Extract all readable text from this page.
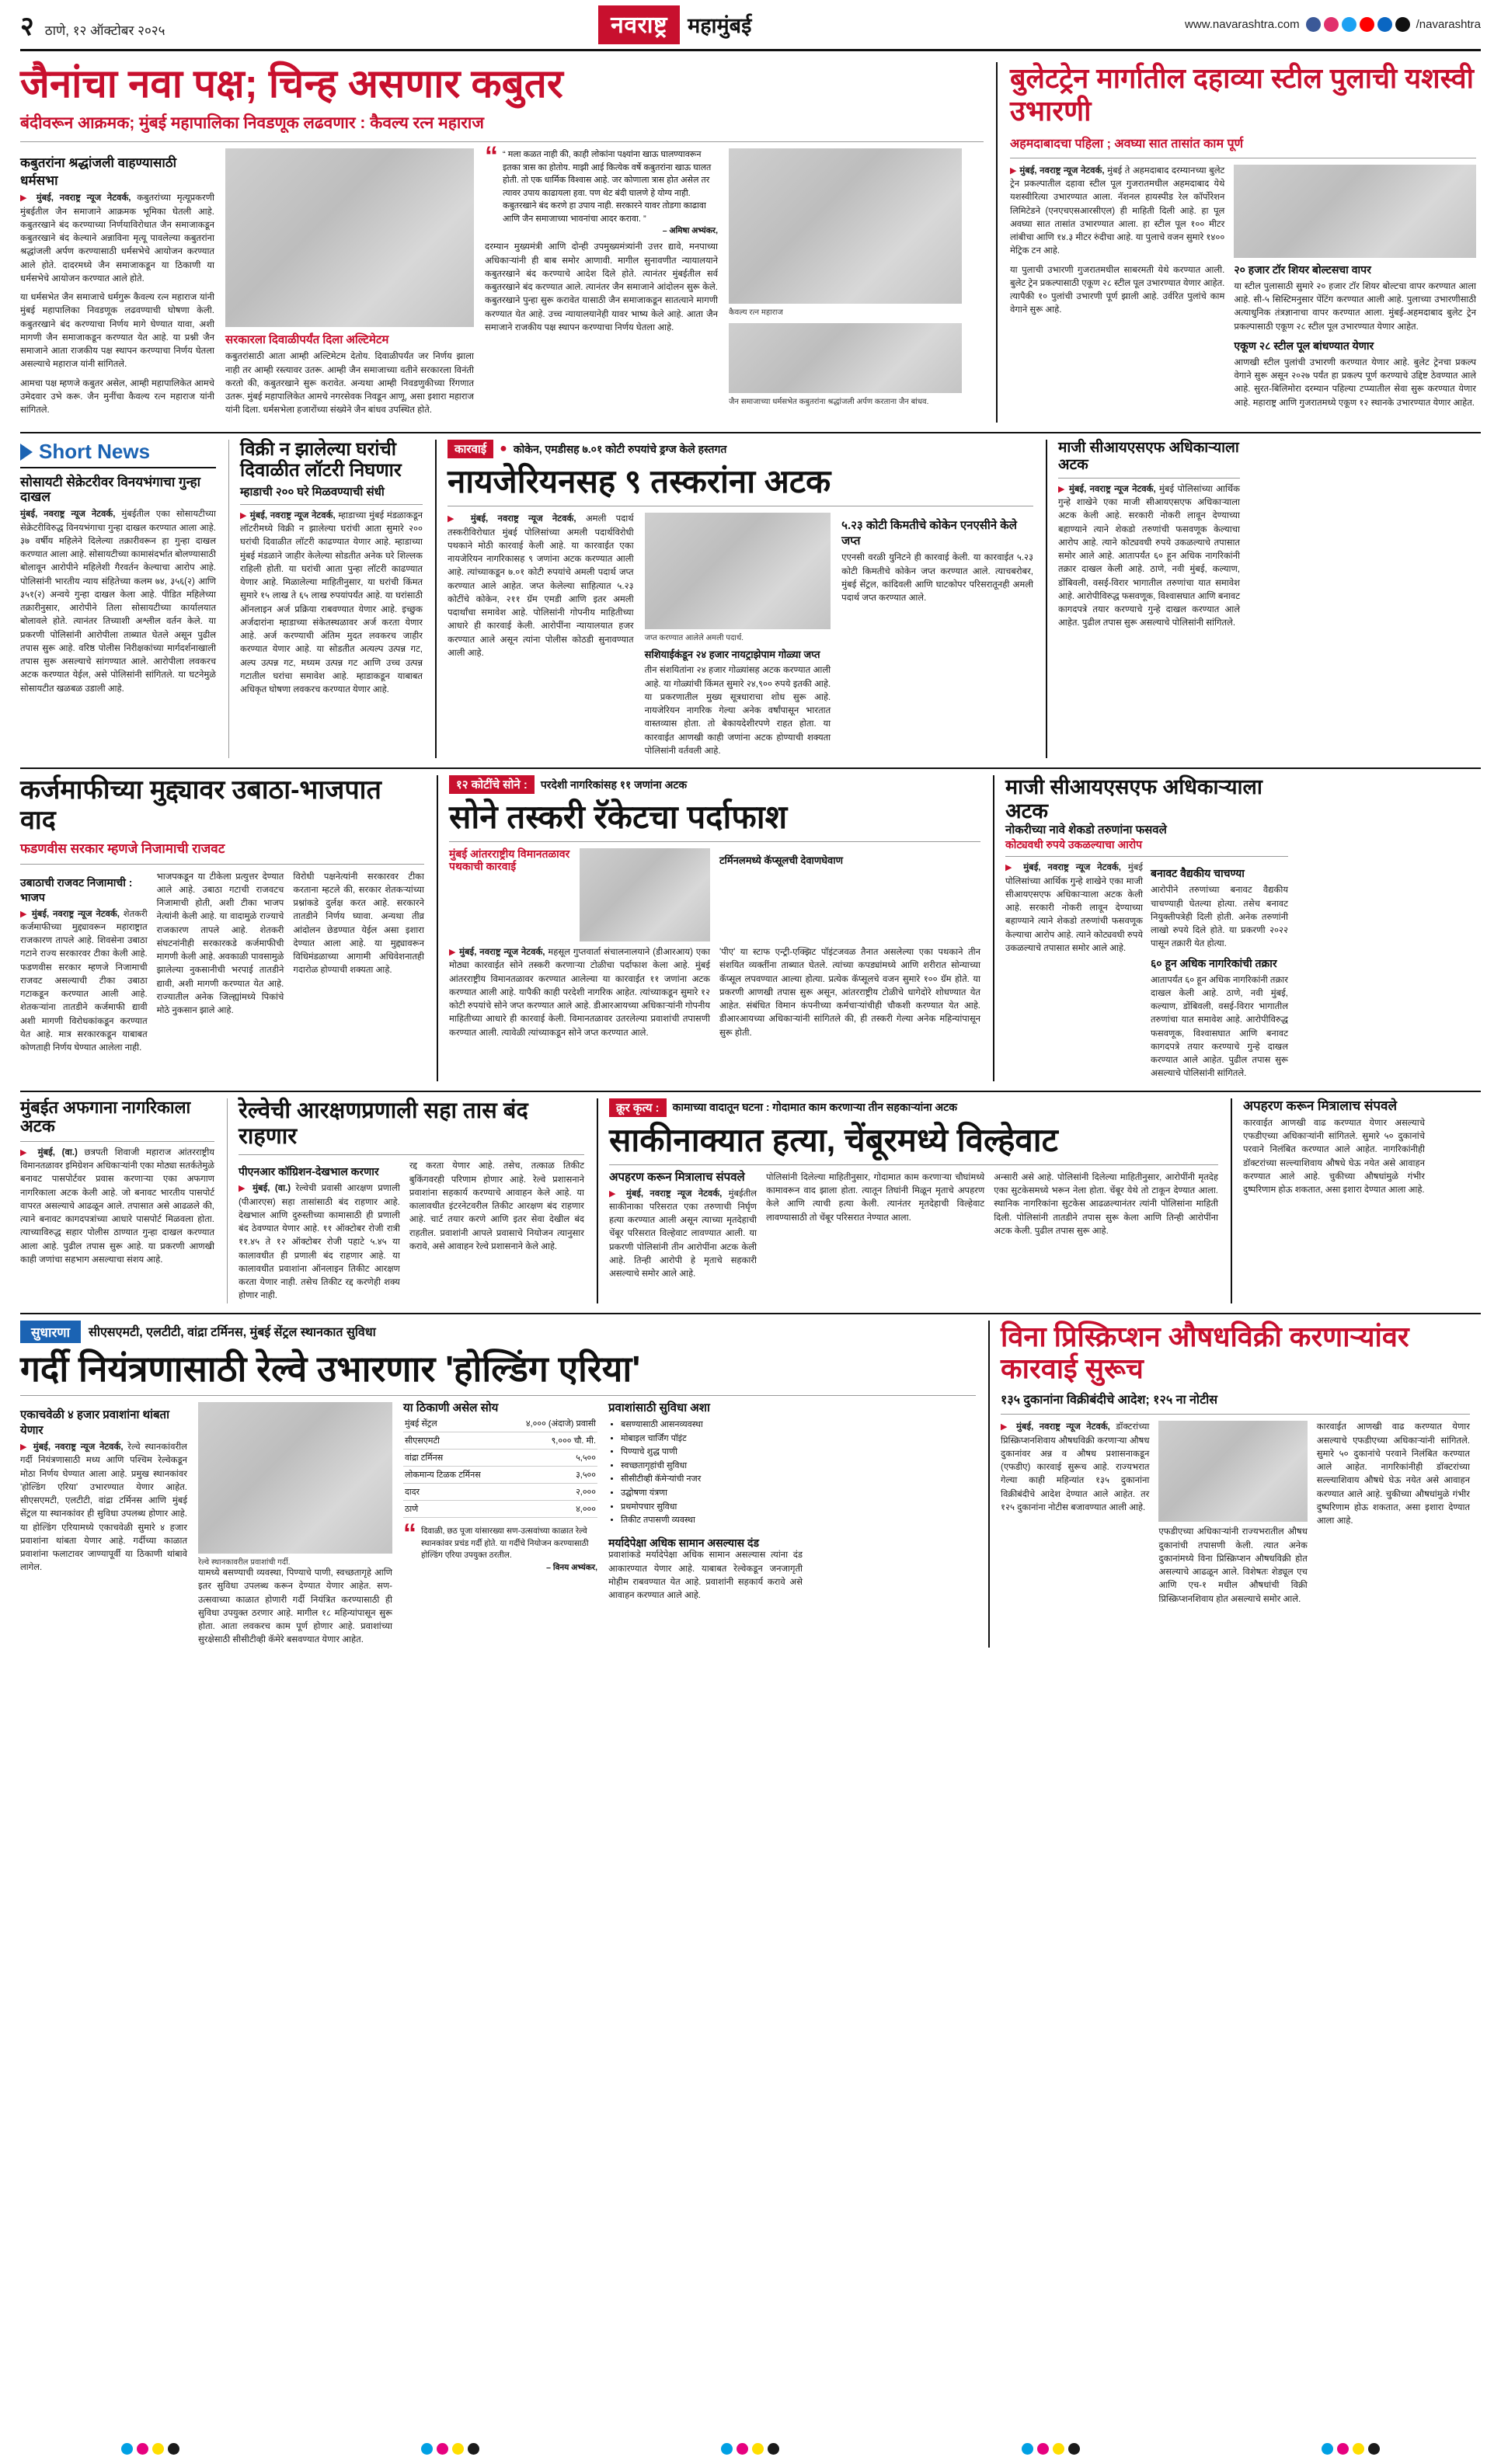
२ ठाणे, १२ ऑक्टोबर २०२५	नवराष्ट्र महामुंबई	www.navarashtra.com	/navarashtra
जैनांचा नवा पक्ष; चिन्ह असणार कबुतर
बंदीवरून आक्रमक; मुंबई महापालिका निवडणूक लढवणार : कैवल्य रत्न महाराज
कबुतरांना श्रद्धांजली वाहण्यासाठी धर्मसभा

▶ मुंबई, नवराष्ट्र न्यूज नेटवर्क, कबुतरांच्या मृत्यूप्रकरणी मुंबईतील जैन समाजाने आक्रमक भूमिका घेतली आहे. कबुतरखाने बंद करण्याच्या निर्णयाविरोधात जैन समाजाकडून कबुतरखाने बंद केल्याने अन्नाविना मृत्यू पावलेल्या कबुतरांना श्रद्धांजली अर्पण करण्यासाठी धर्मसभेचे आयोजन करण्यात आले होते. दादरमध्ये जैन समाजाकडून या ठिकाणी या धर्मसभेचे आयोजन करण्यात आले होते.

या धर्मसभेत जैन समाजाचे धर्मगुरू कैवल्य रत्न महाराज यांनी मुंबई महापालिका निवडणूक लढवण्याची घोषणा केली. कबुतरखाने बंद करण्याचा निर्णय मागे घेण्यात यावा, अशी मागणी जैन समाजाकडून करण्यात येत आहे. या प्रश्नी जैन समाजाने आता राजकीय पक्ष स्थापन करण्याचा निर्णय घेतला असल्याचे महाराज यांनी सांगितले.

आमचा पक्ष म्हणजे कबुतर असेल, आम्ही महापालिकेत आमचे उमेदवार उभे करू. जैन मुनींचा कैवल्य रत्न महाराज यांनी सांगितले.

सरकारला दिवाळीपर्यंत दिला अल्टिमेटम
कबुतरांसाठी आता आम्ही अल्टिमेटम देतोय. दिवाळीपर्यंत जर निर्णय झाला नाही तर आम्ही रस्त्यावर उतरू. आम्ही जैन समाजाच्या वतीने सरकारला विनंती करतो की, कबुतरखाने सुरू करावेत. अन्यथा आम्ही निवडणुकीच्या रिंगणात उतरू. मुंबई महापालिकेत आमचे नगरसेवक निवडून आणू, असा इशारा महाराज यांनी दिला. धर्मसभेला हजारोंच्या संख्येने जैन बांधव उपस्थित होते.
“ “ मला कळत नाही की, काही लोकांना पक्ष्यांना खाऊ घालण्यावरून इतका त्रास का होतोय. माझी आई कित्येक वर्षे कबुतरांना खाऊ घालत होती. तो एक धार्मिक विश्वास आहे. जर कोणाला त्रास होत असेल तर त्यावर उपाय काढायला हवा. पण थेट बंदी घालणे हे योग्य नाही. कबुतरखाने बंद करणे हा उपाय नाही. सरकारने यावर तोडगा काढावा आणि जैन समाजाच्या भावनांचा आदर करावा. ”
– अमिषा अभ्यंकर,
दरम्यान मुख्यमंत्री आणि दोन्ही उपमुख्यमंत्र्यांनी उत्तर द्यावे, मनपाच्या अधिकाऱ्यांनी ही बाब समोर आणावी. मागील सुनावणीत न्यायालयाने कबुतरखाने बंद करण्याचे आदेश दिले होते. त्यानंतर मुंबईतील सर्व कबुतरखाने बंद करण्यात आले. त्यानंतर जैन समाजाने आंदोलन सुरू केले. कबुतरखाने पुन्हा सुरू करावेत यासाठी जैन समाजाकडून सातत्याने मागणी करण्यात येत आहे. उच्च न्यायालयानेही यावर भाष्य केले आहे. आता जैन समाजाने राजकीय पक्ष स्थापन करण्याचा निर्णय घेतला आहे.
कैवल्य रत्न महाराज
जैन समाजाच्या धर्मसभेत कबुतरांना श्रद्धांजली अर्पण करताना जैन बांधव.
बुलेटट्रेन मार्गातील दहाव्या स्टील पुलाची यशस्वी उभारणी
अहमदाबादचा पहिला ; अवघ्या सात तासांत काम पूर्ण

▶ मुंबई, नवराष्ट्र न्यूज नेटवर्क, मुंबई ते अहमदाबाद दरम्यानच्या बुलेट ट्रेन प्रकल्पातील दहावा स्टील पूल गुजरातमधील अहमदाबाद येथे यशस्वीरित्या उभारण्यात आला. नॅशनल हायस्पीड रेल कॉर्पोरेशन लिमिटेडने (एनएचएसआरसीएल) ही माहिती दिली आहे. हा पूल अवघ्या सात तासांत उभारण्यात आला. हा स्टील पूल १०० मीटर लांबीचा आणि १४.३ मीटर रुंदीचा आहे. या पुलाचे वजन सुमारे १४०० मेट्रिक टन आहे.

या पुलाची उभारणी गुजरातमधील साबरमती येथे करण्यात आली. बुलेट ट्रेन प्रकल्पासाठी एकूण २८ स्टील पूल उभारण्यात येणार आहेत. त्यापैकी १० पुलांची उभारणी पूर्ण झाली आहे. उर्वरित पुलांचे काम वेगाने सुरू आहे.

२० हजार टॉर शियर बोल्टसचा वापर
या स्टील पुलासाठी सुमारे २० हजार टॉर शियर बोल्टचा वापर करण्यात आला आहे. सी-५ सिस्टिमनुसार पेंटिंग करण्यात आली आहे. पुलाच्या उभारणीसाठी अत्याधुनिक तंत्रज्ञानाचा वापर करण्यात आला. मुंबई-अहमदाबाद बुलेट ट्रेन प्रकल्पासाठी एकूण २८ स्टील पूल उभारण्यात येणार आहेत.
एकूण २८ स्टील पूल बांधण्यात येणार
आणखी स्टील पुलांची उभारणी करण्यात येणार आहे. बुलेट ट्रेनचा प्रकल्प वेगाने सुरू असून २०२७ पर्यंत हा प्रकल्प पूर्ण करण्याचे उद्दिष्ट ठेवण्यात आले आहे. सुरत-बिलिमोरा दरम्यान पहिल्या टप्प्यातील सेवा सुरू करण्यात येणार आहे. महाराष्ट्र आणि गुजरातमध्ये एकूण १२ स्थानके उभारण्यात येणार आहेत.
Short News
सोसायटी सेक्रेटरीवर विनयभंगाचा गुन्हा दाखल
मुंबई, नवराष्ट्र न्यूज नेटवर्क, मुंबईतील एका सोसायटीच्या सेक्रेटरीविरुद्ध विनयभंगाचा गुन्हा दाखल करण्यात आला आहे. ३७ वर्षीय महिलेने दिलेल्या तक्रारीवरून हा गुन्हा दाखल करण्यात आला आहे. सोसायटीच्या कामासंदर्भात बोलण्यासाठी बोलावून आरोपीने महिलेशी गैरवर्तन केल्याचा आरोप आहे. पोलिसांनी भारतीय न्याय संहितेच्या कलम ७४, ३५६(२) आणि ३५१(२) अन्वये गुन्हा दाखल केला आहे. पीडित महिलेच्या तक्रारीनुसार, आरोपीने तिला सोसायटीच्या कार्यालयात बोलावले होते. त्यानंतर तिच्याशी अश्लील वर्तन केले. या प्रकरणी पोलिसांनी आरोपीला ताब्यात घेतले असून पुढील तपास सुरू आहे. वरिष्ठ पोलीस निरीक्षकांच्या मार्गदर्शनाखाली तपास सुरू असल्याचे सांगण्यात आले. आरोपीला लवकरच अटक करण्यात येईल, असे पोलिसांनी सांगितले. या घटनेमुळे सोसायटीत खळबळ उडाली आहे.
विक्री न झालेल्या घरांची दिवाळीत लॉटरी निघणार
म्हाडाची २०० घरे मिळवण्याची संधी
▶ मुंबई, नवराष्ट्र न्यूज नेटवर्क, म्हाडाच्या मुंबई मंडळाकडून लॉटरीमध्ये विक्री न झालेल्या घरांची आता सुमारे २०० घरांची दिवाळीत लॉटरी काढण्यात येणार आहे. म्हाडाच्या मुंबई मंडळाने जाहीर केलेल्या सोडतीत अनेक घरे शिल्लक राहिली होती. या घरांची आता पुन्हा लॉटरी काढण्यात येणार आहे. मिळालेल्या माहितीनुसार, या घरांची किंमत सुमारे १५ लाख ते ६५ लाख रुपयांपर्यंत आहे. या घरांसाठी ऑनलाइन अर्ज प्रक्रिया राबवण्यात येणार आहे. इच्छुक अर्जदारांना म्हाडाच्या संकेतस्थळावर अर्ज करता येणार आहे. अर्ज करण्याची अंतिम मुदत लवकरच जाहीर करण्यात येणार आहे. या सोडतीत अत्यल्प उत्पन्न गट, अल्प उत्पन्न गट, मध्यम उत्पन्न गट आणि उच्च उत्पन्न गटातील घरांचा समावेश आहे. म्हाडाकडून याबाबत अधिकृत घोषणा लवकरच करण्यात येणार आहे.
कारवाई	● कोकेन, एमडीसह ७.०१ कोटी रुपयांचे ड्रग्ज केले हस्तगत
नायजेरियनसह ९ तस्करांना अटक
▶ मुंबई, नवराष्ट्र न्यूज नेटवर्क, अमली पदार्थ तस्करीविरोधात मुंबई पोलिसांच्या अमली पदार्थविरोधी पथकाने मोठी कारवाई केली आहे. या कारवाईत एका नायजेरियन नागरिकासह ९ जणांना अटक करण्यात आली आहे. त्यांच्याकडून ७.०१ कोटी रुपयांचे अमली पदार्थ जप्त करण्यात आले आहेत. जप्त केलेल्या साहित्यात ५.२३ कोटींचे कोकेन, २११ ग्रॅम एमडी आणि इतर अमली पदार्थांचा समावेश आहे. पोलिसांनी गोपनीय माहितीच्या आधारे ही कारवाई केली. आरोपींना न्यायालयात हजर करण्यात आले असून त्यांना पोलीस कोठडी सुनावण्यात आली आहे.
जप्त करण्यात आलेले अमली पदार्थ.
सशियाईकंडून २४ हजार नायट्राझेपाम गोळ्या जप्त
तीन संशयितांना २४ हजार गोळ्यांसह अटक करण्यात आली आहे. या गोळ्यांची किंमत सुमारे २४,९०० रुपये इतकी आहे. या प्रकरणातील मुख्य सूत्रधाराचा शोध सुरू आहे. नायजेरियन नागरिक गेल्या अनेक वर्षांपासून भारतात वास्तव्यास होता. तो बेकायदेशीरपणे राहत होता. या कारवाईत आणखी काही जणांना अटक होण्याची शक्यता पोलिसांनी वर्तवली आहे.
५.२३ कोटी किमतीचे कोकेन एनएसीने केले जप्त
एएनसी वरळी युनिटने ही कारवाई केली. या कारवाईत ५.२३ कोटी किमतीचे कोकेन जप्त करण्यात आले. त्याचबरोबर, मुंबई सेंट्रल, कांदिवली आणि घाटकोपर परिसरातूनही अमली पदार्थ जप्त करण्यात आले.
माजी सीआयएसएफ अधिकाऱ्याला अटक
▶ मुंबई, नवराष्ट्र न्यूज नेटवर्क, मुंबई पोलिसांच्या आर्थिक गुन्हे शाखेने एका माजी सीआयएसएफ अधिकाऱ्याला अटक केली आहे. सरकारी नोकरी लावून देण्याच्या बहाण्याने त्याने शेकडो तरुणांची फसवणूक केल्याचा आरोप आहे. त्याने कोट्यवधी रुपये उकळल्याचे तपासात समोर आले आहे. आतापर्यंत ६० हून अधिक नागरिकांनी तक्रार दाखल केली आहे. ठाणे, नवी मुंबई, कल्याण, डोंबिवली, वसई-विरार भागातील तरुणांचा यात समावेश आहे. आरोपीविरुद्ध फसवणूक, विश्वासघात आणि बनावट कागदपत्रे तयार करण्याचे गुन्हे दाखल करण्यात आले आहेत. पुढील तपास सुरू असल्याचे पोलिसांनी सांगितले.
कर्जमाफीच्या मुद्द्यावर उबाठा-भाजपात वाद
फडणवीस सरकार म्हणजे निजामाची राजवट
उबाठाची राजवट निजामाची : भाजप
▶ मुंबई, नवराष्ट्र न्यूज नेटवर्क, शेतकरी कर्जमाफीच्या मुद्द्यावरून महाराष्ट्रात राजकारण तापले आहे. शिवसेना उबाठा गटाने राज्य सरकारवर टीका केली आहे. फडणवीस सरकार म्हणजे निजामाची राजवट असल्याची टीका उबाठा गटाकडून करण्यात आली आहे. शेतकऱ्यांना तातडीने कर्जमाफी द्यावी अशी मागणी विरोधकांकडून करण्यात येत आहे. मात्र सरकारकडून याबाबत कोणताही निर्णय घेण्यात आलेला नाही.
भाजपकडून या टीकेला प्रत्युत्तर देण्यात आले आहे. उबाठा गटाची राजवटच निजामाची होती, अशी टीका भाजप नेत्यांनी केली आहे. या वादामुळे राज्याचे राजकारण तापले आहे. शेतकरी संघटनांनीही सरकारकडे कर्जमाफीची मागणी केली आहे. अवकाळी पावसामुळे झालेल्या नुकसानीची भरपाई तातडीने द्यावी, अशी मागणी करण्यात येत आहे. राज्यातील अनेक जिल्ह्यांमध्ये पिकांचे मोठे नुकसान झाले आहे.
विरोधी पक्षनेत्यांनी सरकारवर टीका करताना म्हटले की, सरकार शेतकऱ्यांच्या प्रश्नांकडे दुर्लक्ष करत आहे. सरकारने तातडीने निर्णय घ्यावा. अन्यथा तीव्र आंदोलन छेडण्यात येईल असा इशारा देण्यात आला आहे. या मुद्द्यावरून विधिमंडळाच्या आगामी अधिवेशनातही गदारोळ होण्याची शक्यता आहे.
१२ कोटींचे सोने :	परदेशी नागरिकांसह ११ जणांना अटक
सोने तस्करी रॅकेटचा पर्दाफाश
मुंबई आंतरराष्ट्रीय विमानतळावर पथकाची कारवाई	टर्मिनलमध्ये कॅप्सूलची देवाणघेवाण
▶ मुंबई, नवराष्ट्र न्यूज नेटवर्क, महसूल गुप्तवार्ता संचालनालयाने (डीआरआय) एका मोठ्या कारवाईत सोने तस्करी करणाऱ्या टोळीचा पर्दाफाश केला आहे. मुंबई आंतरराष्ट्रीय विमानतळावर करण्यात आलेल्या या कारवाईत ११ जणांना अटक करण्यात आली आहे. यापैकी काही परदेशी नागरिक आहेत. त्यांच्याकडून सुमारे १२ कोटी रुपयांचे सोने जप्त करण्यात आले आहे. डीआरआयच्या अधिकाऱ्यांनी गोपनीय माहितीच्या आधारे ही कारवाई केली. विमानतळावर उतरलेल्या प्रवाशांची तपासणी करण्यात आली. त्यावेळी त्यांच्याकडून सोने जप्त करण्यात आले.
'पीए' या स्टाफ एन्ट्री-एक्झिट पॉइंटजवळ तैनात असलेल्या एका पथकाने तीन संशयित व्यक्तींना ताब्यात घेतले. त्यांच्या कपड्यांमध्ये आणि शरीरात सोन्याच्या कॅप्सूल लपवण्यात आल्या होत्या. प्रत्येक कॅप्सूलचे वजन सुमारे १०० ग्रॅम होते. या प्रकरणी आणखी तपास सुरू असून, आंतरराष्ट्रीय टोळीचे धागेदोरे शोधण्यात येत आहेत. संबंधित विमान कंपनीच्या कर्मचाऱ्यांचीही चौकशी करण्यात येत आहे. डीआरआयच्या अधिकाऱ्यांनी सांगितले की, ही तस्करी गेल्या अनेक महिन्यांपासून सुरू होती.
माजी सीआयएसएफ अधिकाऱ्याला अटक
नोकरीच्या नावे शेकडो तरुणांना फसवले
कोट्यवधी रुपये उकळल्याचा आरोप
▶ मुंबई, नवराष्ट्र न्यूज नेटवर्क, मुंबई पोलिसांच्या आर्थिक गुन्हे शाखेने एका माजी सीआयएसएफ अधिकाऱ्याला अटक केली आहे. सरकारी नोकरी लावून देण्याच्या बहाण्याने त्याने शेकडो तरुणांची फसवणूक केल्याचा आरोप आहे. त्याने कोट्यवधी रुपये उकळल्याचे तपासात समोर आले आहे.
बनावट वैद्यकीय चाचण्या
आरोपीने तरुणांच्या बनावट वैद्यकीय चाचण्याही घेतल्या होत्या. तसेच बनावट नियुक्तीपत्रेही दिली होती. अनेक तरुणांनी लाखो रुपये दिले होते. या प्रकरणी २०२२ पासून तक्रारी येत होत्या.
६० हून अधिक नागरिकांची तक्रार
आतापर्यंत ६० हून अधिक नागरिकांनी तक्रार दाखल केली आहे. ठाणे, नवी मुंबई, कल्याण, डोंबिवली, वसई-विरार भागातील तरुणांचा यात समावेश आहे. आरोपीविरुद्ध फसवणूक, विश्वासघात आणि बनावट कागदपत्रे तयार करण्याचे गुन्हे दाखल करण्यात आले आहेत. पुढील तपास सुरू असल्याचे पोलिसांनी सांगितले.
मुंबईत अफगाना नागरिकाला अटक
▶ मुंबई, (वा.) छत्रपती शिवाजी महाराज आंतरराष्ट्रीय विमानतळावर इमिग्रेशन अधिकाऱ्यांनी एका मोठ्या सतर्कतेमुळे बनावट पासपोर्टवर प्रवास करणाऱ्या एका अफगाण नागरिकाला अटक केली आहे. जो बनावट भारतीय पासपोर्ट वापरत असल्याचे आढळून आले. तपासात असे आढळले की, त्याने बनावट कागदपत्रांच्या आधारे पासपोर्ट मिळवला होता. त्याच्याविरुद्ध सहार पोलीस ठाण्यात गुन्हा दाखल करण्यात आला आहे. पुढील तपास सुरू आहे. या प्रकरणी आणखी काही जणांचा सहभाग असल्याचा संशय आहे.
रेल्वेची आरक्षणप्रणाली सहा तास बंद राहणार
पीएनआर कॉग्रिशन-देखभाल करणार
▶ मुंबई, (वा.) रेल्वेची प्रवासी आरक्षण प्रणाली (पीआरएस) सहा तासांसाठी बंद राहणार आहे. देखभाल आणि दुरुस्तीच्या कामासाठी ही प्रणाली बंद ठेवण्यात येणार आहे. ११ ऑक्टोबर रोजी रात्री ११.४५ ते १२ ऑक्टोबर रोजी पहाटे ५.४५ या कालावधीत ही प्रणाली बंद राहणार आहे. या कालावधीत प्रवाशांना ऑनलाइन तिकीट आरक्षण करता येणार नाही. तसेच तिकीट रद्द करणेही शक्य होणार नाही.
रद्द करता येणार आहे. तसेच, तत्काळ तिकीट बुकिंगवरही परिणाम होणार आहे. रेल्वे प्रशासनाने प्रवाशांना सहकार्य करण्याचे आवाहन केले आहे. या कालावधीत इंटरनेटवरील तिकीट आरक्षण बंद राहणार आहे. चार्ट तयार करणे आणि इतर सेवा देखील बंद राहतील. प्रवाशांनी आपले प्रवासाचे नियोजन त्यानुसार करावे, असे आवाहन रेल्वे प्रशासनाने केले आहे.
क्रूर कृत्य :	कामाच्या वादातून घटना : गोदामात काम करणाऱ्या तीन सहकाऱ्यांना अटक
साकीनाक्यात हत्या, चेंबूरमध्ये विल्हेवाट
अपहरण करून मित्रालाच संपवले
▶ मुंबई, नवराष्ट्र न्यूज नेटवर्क, मुंबईतील साकीनाका परिसरात एका तरुणाची निर्घृण हत्या करण्यात आली असून त्याच्या मृतदेहाची चेंबूर परिसरात विल्हेवाट लावण्यात आली. या प्रकरणी पोलिसांनी तीन आरोपींना अटक केली आहे. तिन्ही आरोपी हे मृताचे सहकारी असल्याचे समोर आले आहे.
पोलिसांनी दिलेल्या माहितीनुसार, गोदामात काम करणाऱ्या चौघांमध्ये कामावरून वाद झाला होता. त्यातून तिघांनी मिळून मृताचे अपहरण केले आणि त्याची हत्या केली. त्यानंतर मृतदेहाची विल्हेवाट लावण्यासाठी तो चेंबूर परिसरात नेण्यात आला.
अन्सारी असे आहे. पोलिसांनी दिलेल्या माहितीनुसार, आरोपींनी मृतदेह एका सुटकेसमध्ये भरून नेला होता. चेंबूर येथे तो टाकून देण्यात आला. स्थानिक नागरिकांना सुटकेस आढळल्यानंतर त्यांनी पोलिसांना माहिती दिली. पोलिसांनी तातडीने तपास सुरू केला आणि तिन्ही आरोपींना अटक केली. पुढील तपास सुरू आहे.
अपहरण करून मित्रालाच संपवले
कारवाईत आणखी वाढ करण्यात येणार असल्याचे एफडीएच्या अधिकाऱ्यांनी सांगितले. सुमारे ५० दुकानांचे परवाने निलंबित करण्यात आले आहेत. नागरिकांनीही डॉक्टरांच्या सल्ल्याशिवाय औषधे घेऊ नयेत असे आवाहन करण्यात आले आहे. चुकीच्या औषधांमुळे गंभीर दुष्परिणाम होऊ शकतात, असा इशारा देण्यात आला आहे.
सुधारणा	सीएसएमटी, एलटीटी, वांद्रा टर्मिनस, मुंबई सेंट्रल स्थानकात सुविधा
गर्दी नियंत्रणासाठी रेल्वे उभारणार 'होल्डिंग एरिया'
एकाचवेळी ४ हजार प्रवाशांना थांबता येणार
▶ मुंबई, नवराष्ट्र न्यूज नेटवर्क, रेल्वे स्थानकांवरील गर्दी नियंत्रणासाठी मध्य आणि पश्चिम रेल्वेकडून मोठा निर्णय घेण्यात आला आहे. प्रमुख स्थानकांवर 'होल्डिंग एरिया' उभारण्यात येणार आहेत. सीएसएमटी, एलटीटी, वांद्रा टर्मिनस आणि मुंबई सेंट्रल या स्थानकांवर ही सुविधा उपलब्ध होणार आहे. या होल्डिंग एरियामध्ये एकाचवेळी सुमारे ४ हजार प्रवाशांना थांबता येणार आहे. गर्दीच्या काळात प्रवाशांना फलाटावर जाण्यापूर्वी या ठिकाणी थांबावे लागेल.
रेल्वे स्थानकावरील प्रवाशांची गर्दी.
यामध्ये बसण्याची व्यवस्था, पिण्याचे पाणी, स्वच्छतागृहे आणि इतर सुविधा उपलब्ध करून देण्यात येणार आहेत. सण-उत्सवाच्या काळात होणारी गर्दी नियंत्रित करण्यासाठी ही सुविधा उपयुक्त ठरणार आहे. मागील १८ महिन्यांपासून सुरू होता. आता लवकरच काम पूर्ण होणार आहे. प्रवाशांच्या सुरक्षेसाठी सीसीटीव्ही कॅमेरे बसवण्यात येणार आहेत.
या ठिकाणी असेल सोय
मुंबई सेंट्रल	४,००० (अंदाजे) प्रवासी
सीएसएमटी	९,००० चौ. मी.
वांद्रा टर्मिनस	५,५००
लोकमान्य टिळक टर्मिनस	३,५००
दादर	२,०००
ठाणे	४,०००
“ दिवाळी, छठ पूजा यांसारख्या सण-उत्सवांच्या काळात रेल्वे स्थानकांवर प्रचंड गर्दी होते. या गर्दीचे नियोजन करण्यासाठी होल्डिंग एरिया उपयुक्त ठरतील.
– विनय अभ्यंकर,
प्रवाशांसाठी सुविधा अशा
• बसण्यासाठी आसनव्यवस्था
• मोबाइल चार्जिंग पॉइंट
• पिण्याचे शुद्ध पाणी
• स्वच्छतागृहांची सुविधा
• सीसीटीव्ही कॅमेऱ्यांची नजर
• उद्घोषणा यंत्रणा
• प्रथमोपचार सुविधा
• तिकीट तपासणी व्यवस्था
मर्यादेपेक्षा अधिक सामान असल्यास दंड
प्रवाशांकडे मर्यादेपेक्षा अधिक सामान असल्यास त्यांना दंड आकारण्यात येणार आहे. याबाबत रेल्वेकडून जनजागृती मोहीम राबवण्यात येत आहे. प्रवाशांनी सहकार्य करावे असे आवाहन करण्यात आले आहे.
विना प्रिस्क्रिप्शन औषधविक्री करणाऱ्यांवर कारवाई सुरूच
१३५ दुकानांना विक्रीबंदीचे आदेश; १२५ ना नोटीस
▶ मुंबई, नवराष्ट्र न्यूज नेटवर्क, डॉक्टरांच्या प्रिस्क्रिप्शनशिवाय औषधविक्री करणाऱ्या औषध दुकानांवर अन्न व औषध प्रशासनाकडून (एफडीए) कारवाई सुरूच आहे. राज्यभरात गेल्या काही महिन्यांत १३५ दुकानांना विक्रीबंदीचे आदेश देण्यात आले आहेत. तर १२५ दुकानांना नोटीस बजावण्यात आली आहे.
एफडीएच्या अधिकाऱ्यांनी राज्यभरातील औषध दुकानांची तपासणी केली. त्यात अनेक दुकानांमध्ये विना प्रिस्क्रिप्शन औषधविक्री होत असल्याचे आढळून आले. विशेषतः शेड्यूल एच आणि एच-१ मधील औषधांची विक्री प्रिस्क्रिप्शनशिवाय होत असल्याचे समोर आले.
कारवाईत आणखी वाढ करण्यात येणार असल्याचे एफडीएच्या अधिकाऱ्यांनी सांगितले. सुमारे ५० दुकानांचे परवाने निलंबित करण्यात आले आहेत. नागरिकांनीही डॉक्टरांच्या सल्ल्याशिवाय औषधे घेऊ नयेत असे आवाहन करण्यात आले आहे. चुकीच्या औषधांमुळे गंभीर दुष्परिणाम होऊ शकतात, असा इशारा देण्यात आला आहे.
